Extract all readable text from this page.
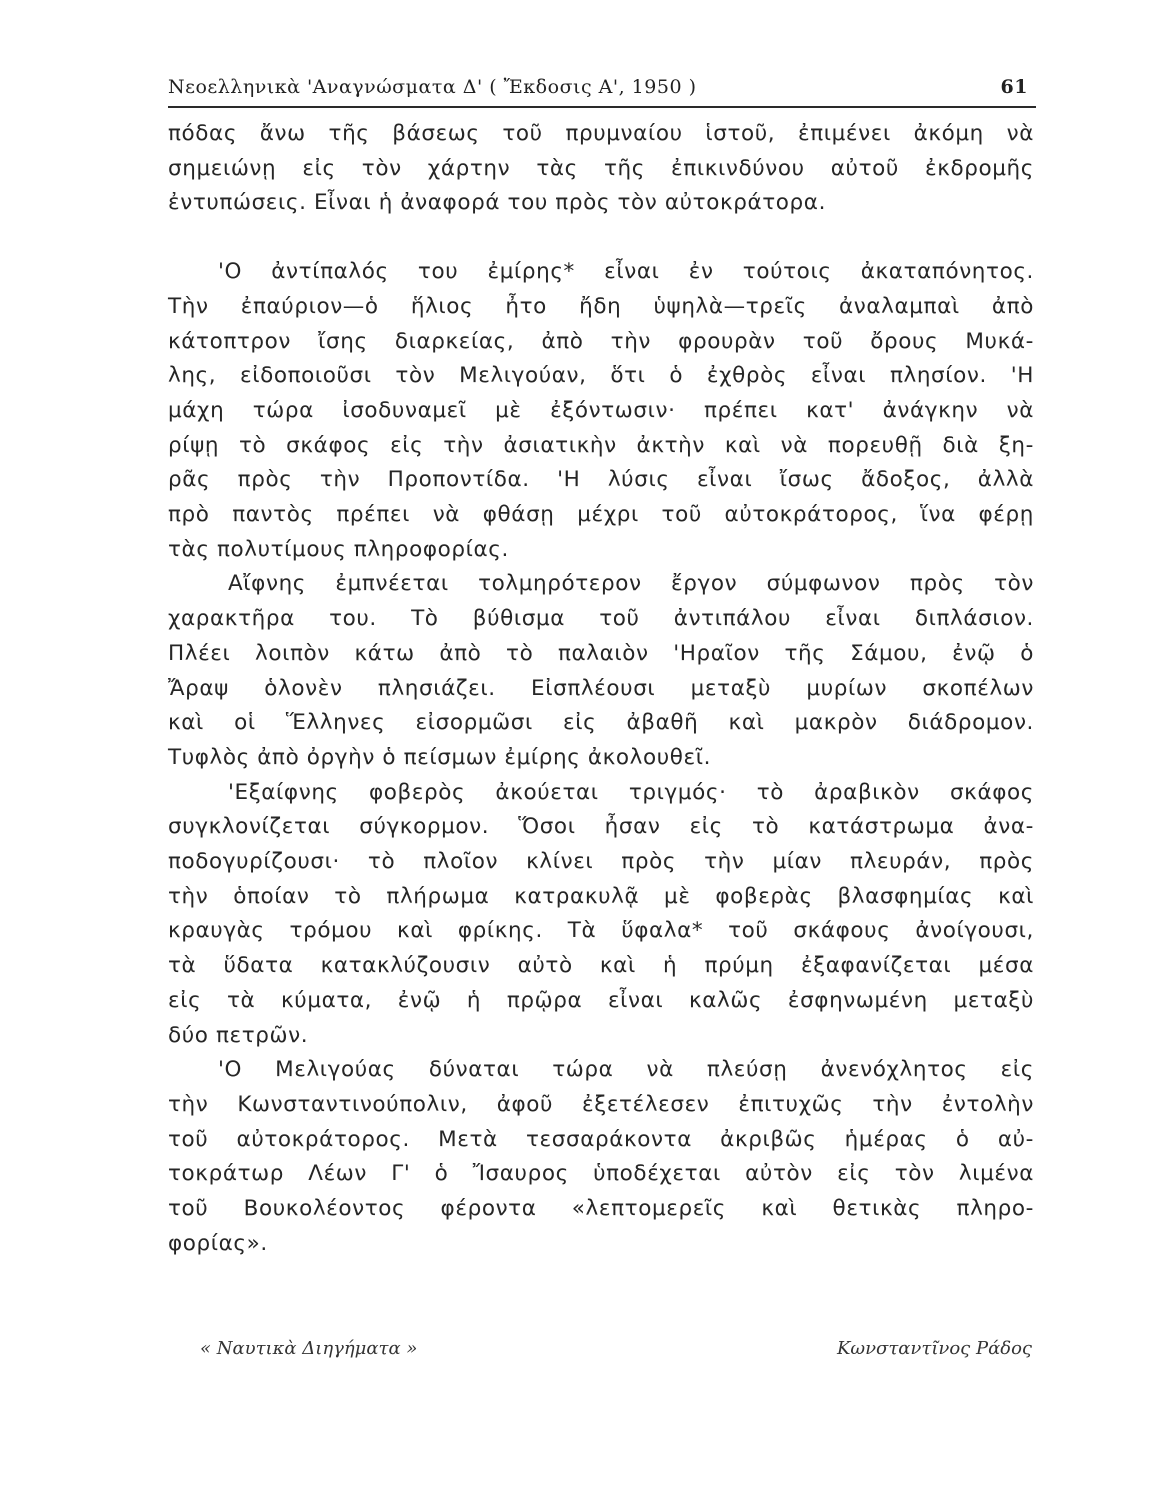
Νεοελληνικὰ 'Αναγνώσματα Δ' ( Ἔκδοσις Α', 1950 )	61

πόδας ἄνω τῆς βάσεως τοῦ πρυμναίου ἱστοῦ, ἐπιμένει ἀκόμη νὰ
σημειώνῃ εἰς τὸν χάρτην τὰς τῆς ἐπικινδύνου αὐτοῦ ἐκδρομῆς
ἐντυπώσεις. Εἶναι ἡ ἀναφορά του πρὸς τὸν αὐτοκράτορα.

'Ο ἀντίπαλός του ἐμίρης* εἶναι ἐν τούτοις ἀκαταπόνητος.
Τὴν ἐπαύριον—ὁ ἥλιος ἦτο ἤδη ὑψηλὰ—τρεῖς ἀναλαμπαὶ ἀπὸ
κάτοπτρον ἴσης διαρκείας, ἀπὸ τὴν φρουρὰν τοῦ ὄρους Μυκά-
λης, εἰδοποιοῦσι τὸν Μελιγούαν, ὅτι ὁ ἐχθρὸς εἶναι πλησίον. 'Η
μάχη τώρα ἰσοδυναμεῖ μὲ ἐξόντωσιν· πρέπει κατ' ἀνάγκην νὰ
ρίψῃ τὸ σκάφος εἰς τὴν ἀσιατικὴν ἀκτὴν καὶ νὰ πορευθῇ διὰ ξη-
ρᾶς πρὸς τὴν Προποντίδα. 'Η λύσις εἶναι ἴσως ἄδοξος, ἀλλὰ
πρὸ παντὸς πρέπει νὰ φθάσῃ μέχρι τοῦ αὐτοκράτορος, ἵνα φέρῃ
τὰς πολυτίμους πληροφορίας.

Αἴφνης ἐμπνέεται τολμηρότερον ἔργον σύμφωνον πρὸς τὸν
χαρακτῆρα του. Τὸ βύθισμα τοῦ ἀντιπάλου εἶναι διπλάσιον.
Πλέει λοιπὸν κάτω ἀπὸ τὸ παλαιὸν 'Ηραῖον τῆς Σάμου, ἐνῷ ὁ
Ἄραψ ὁλονὲν πλησιάζει. Εἰσπλέουσι μεταξὺ μυρίων σκοπέλων
καὶ οἱ Ἕλληνες εἰσορμῶσι εἰς ἀβαθῆ καὶ μακρὸν διάδρομον.
Τυφλὸς ἀπὸ ὀργὴν ὁ πείσμων ἐμίρης ἀκολουθεῖ.

'Εξαίφνης φοβερὸς ἀκούεται τριγμός· τὸ ἀραβικὸν σκάφος
συγκλονίζεται σύγκορμον. Ὅσοι ἦσαν εἰς τὸ κατάστρωμα ἀνα-
ποδογυρίζουσι· τὸ πλοῖον κλίνει πρὸς τὴν μίαν πλευράν, πρὸς
τὴν ὁποίαν τὸ πλήρωμα κατρακυλᾷ μὲ φοβερὰς βλασφημίας καὶ
κραυγὰς τρόμου καὶ φρίκης. Τὰ ὕφαλα* τοῦ σκάφους ἀνοίγουσι,
τὰ ὕδατα κατακλύζουσιν αὐτὸ καὶ ἡ πρύμη ἐξαφανίζεται μέσα
εἰς τὰ κύματα, ἐνῷ ἡ πρῷρα εἶναι καλῶς ἐσφηνωμένη μεταξὺ
δύο πετρῶν.

'Ο Μελιγούας δύναται τώρα νὰ πλεύσῃ ἀνενόχλητος εἰς
τὴν Κωνσταντινούπολιν, ἀφοῦ ἐξετέλεσεν ἐπιτυχῶς τὴν ἐντολὴν
τοῦ αὐτοκράτορος. Μετὰ τεσσαράκοντα ἀκριβῶς ἡμέρας ὁ αὐ-
τοκράτωρ Λέων Γ' ὁ Ἴσαυρος ὑποδέχεται αὐτὸν εἰς τὸν λιμένα
τοῦ Βουκολέοντος φέροντα «λεπτομερεῖς καὶ θετικὰς πληρο-
φορίας».

« Ναυτικὰ Διηγήματα »	Κωνσταντῖνος Ράδος
